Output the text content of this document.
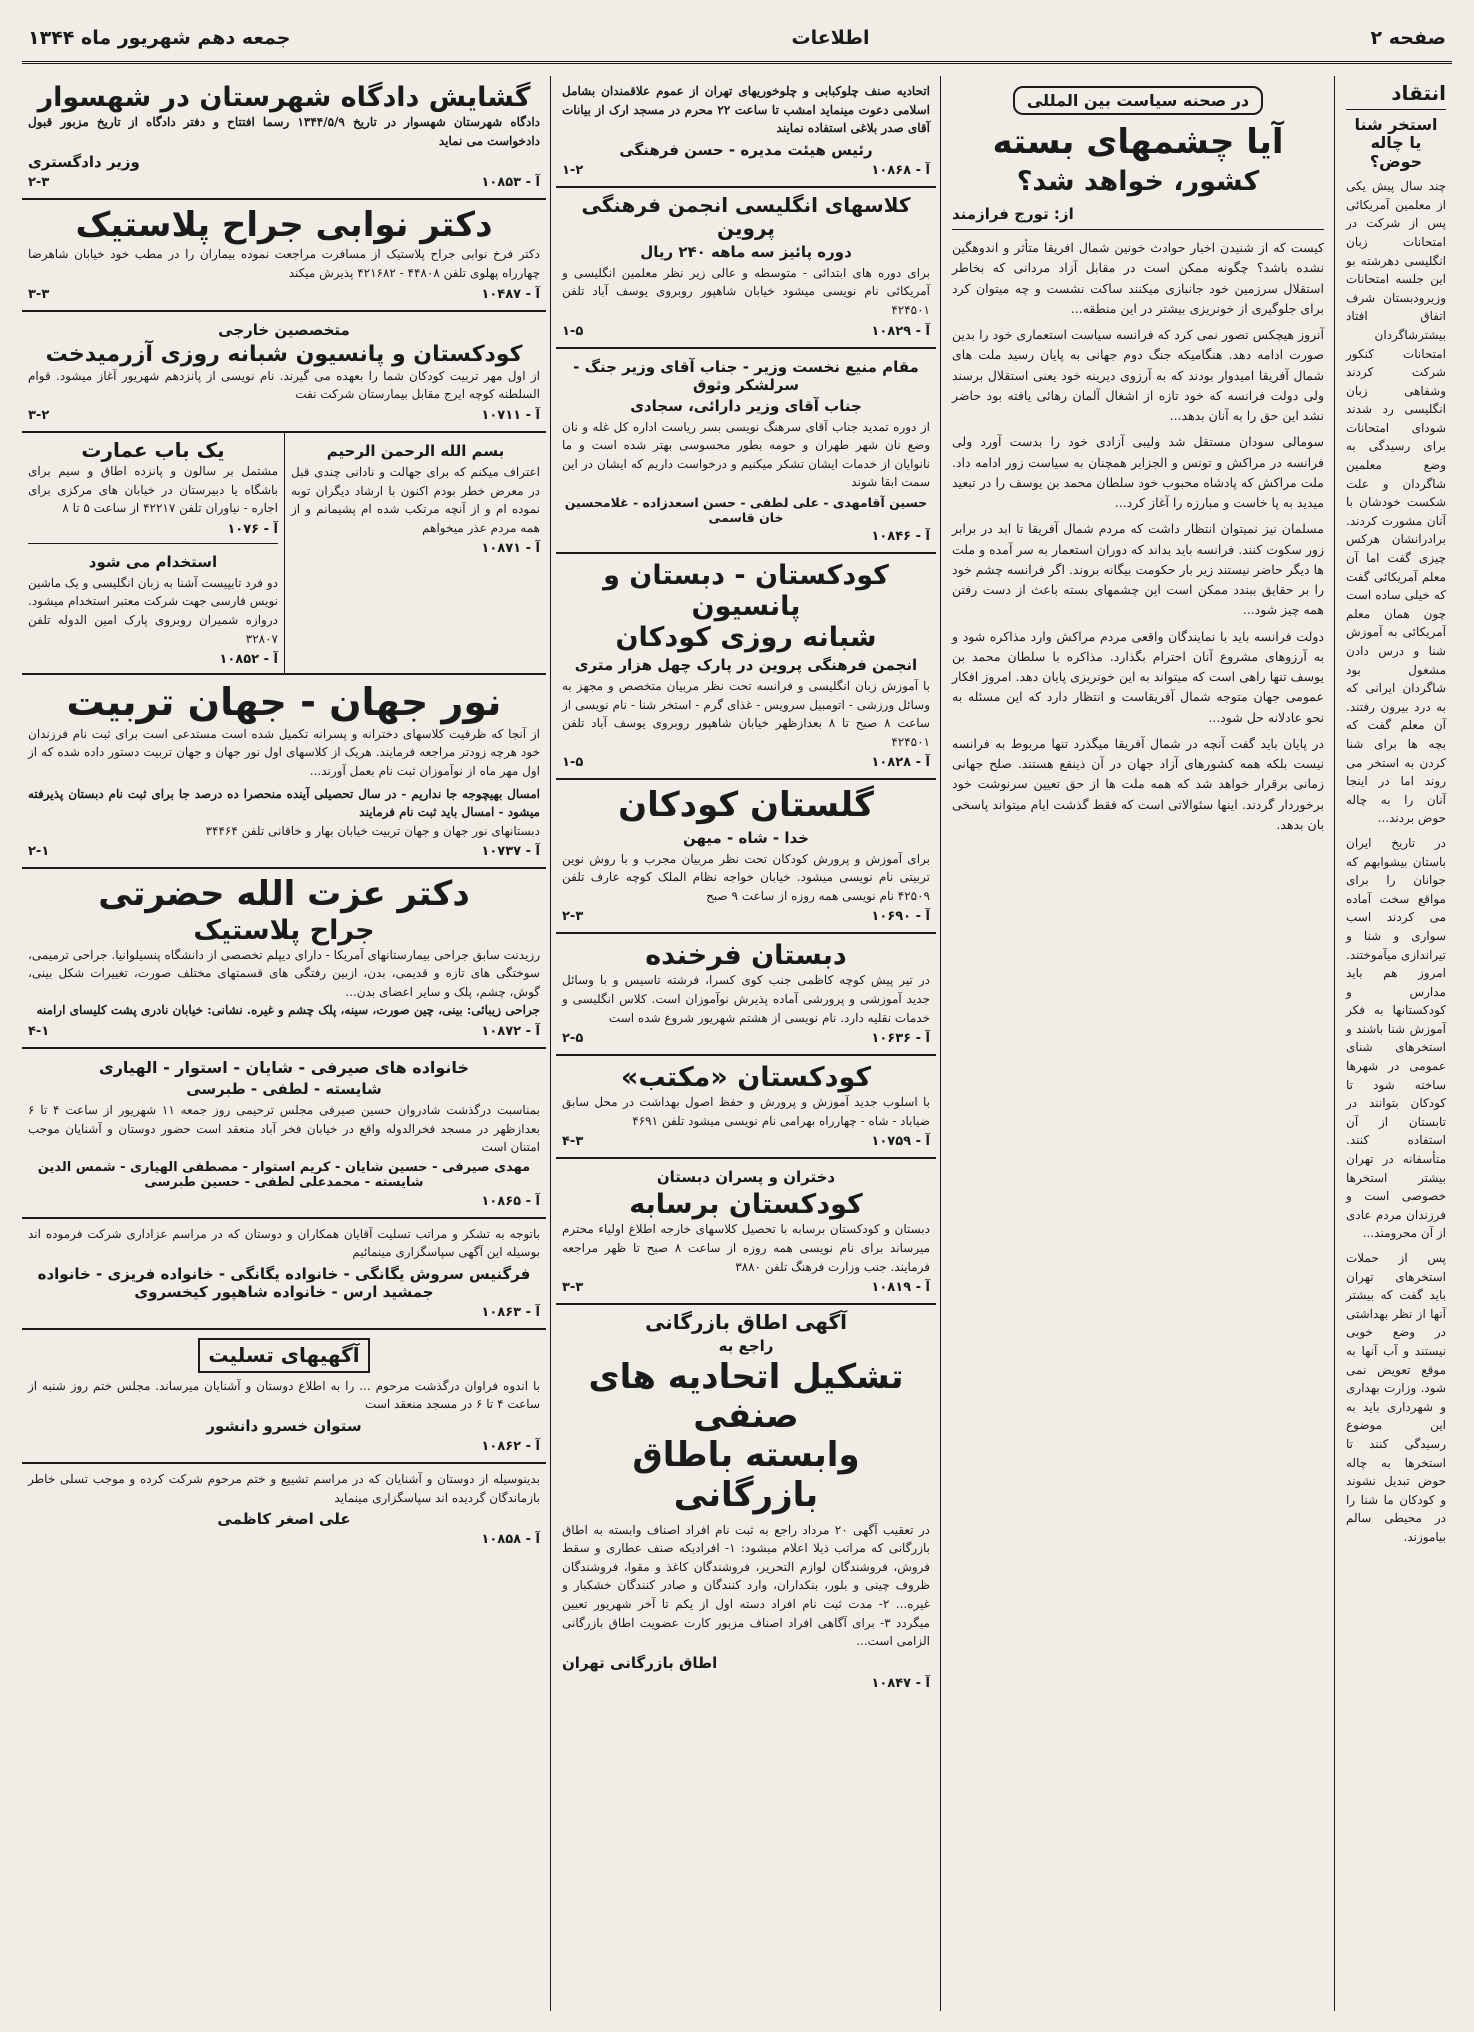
صفحه ۲
اطلاعات
جمعه دهم شهریور ماه ۱۳۴۴
انتقاد
استخر شنا یا چاله حوض؟
چند سال پیش یکی از معلمین آمریکائی پس از شرکت در امتحانات زبان انگلیسی دهرشته بو این جلسه امتحانات وزیرودبستان شرف اتفاق افتاد بیشترشاگردان امتحانات کنکور شرکت کردند وشفاهی زبان انگلیسی رد شدند شودای امتحانات برای رسیدگی به وضع معلمین شاگردان و علت شکست خودشان با آنان مشورت کردند. برادرانشان هرکس چیزی گفت اما آن معلم آمریکائی گفت که خیلی ساده است چون همان معلم آمریکائی به آموزش شنا و درس دادن مشغول بود شاگردان ایرانی که به درد بیرون رفتند. آن معلم گفت که بچه ها برای شنا کردن به استخر می روند اما در اینجا آنان را به چاله حوض بردند...
در تاریخ ایران باستان بیشوابهم که جوانان را برای مواقع سخت آماده می کردند اسب سواری و شنا و تیراندازی میآموختند. امروز هم باید مدارس و کودکستانها به فکر آموزش شنا باشند و استخرهای شنای عمومی در شهرها ساخته شود تا کودکان بتوانند در تابستان از آن استفاده کنند. متأسفانه در تهران بیشتر استخرها خصوصی است و فرزندان مردم عادی از آن محرومند...
پس از حملات استخرهای تهران باید گفت که بیشتر آنها از نظر بهداشتی در وضع خوبی نیستند و آب آنها به موقع تعویض نمی شود. وزارت بهداری و شهرداری باید به این موضوع رسیدگی کنند تا استخرها به چاله حوض تبدیل نشوند و کودکان ما شنا را در محیطی سالم بیاموزند.
در صحنه سیاست بین المللی
آیا چشمهای بسته
کشور، خواهد شد؟
از: تورج فرازمند
کیست که از شنیدن اخبار حوادث خونین شمال افریقا متأثر و اندوهگین نشده باشد؟ چگونه ممکن است در مقابل آزاد مردانی که بخاطر استقلال سرزمین خود جانبازی میکنند ساکت نشست و چه میتوان کرد برای جلوگیری از خونریزی بیشتر در این منطقه...
آنروز هیچکس تصور نمی کرد که فرانسه سیاست استعماری خود را بدین صورت ادامه دهد. هنگامیکه جنگ دوم جهانی به پایان رسید ملت های شمال آفریقا امیدوار بودند که به آرزوی دیرینه خود یعنی استقلال برسند ولی دولت فرانسه که خود تازه از اشغال آلمان رهائی یافته بود حاضر نشد این حق را به آنان بدهد...
سومالی سودان مستقل شد ولیبی آزادی خود را بدست آورد ولی فرانسه در مراکش و تونس و الجزایر همچنان به سیاست زور ادامه داد. ملت مراکش که پادشاه محبوب خود سلطان محمد بن یوسف را در تبعید میدید به پا خاست و مبارزه را آغاز کرد...
مسلمان نیز نمیتوان انتظار داشت که مردم شمال آفریقا تا ابد در برابر زور سکوت کنند. فرانسه باید بداند که دوران استعمار به سر آمده و ملت ها دیگر حاضر نیستند زیر بار حکومت بیگانه بروند. اگر فرانسه چشم خود را بر حقایق ببندد ممکن است این چشمهای بسته باعث از دست رفتن همه چیز شود...
دولت فرانسه باید با نمایندگان واقعی مردم مراکش وارد مذاکره شود و به آرزوهای مشروع آنان احترام بگذارد. مذاکره با سلطان محمد بن یوسف تنها راهی است که میتواند به این خونریزی پایان دهد. امروز افکار عمومی جهان متوجه شمال آفریقاست و انتظار دارد که این مسئله به نحو عادلانه حل شود...
در پایان باید گفت آنچه در شمال آفریقا میگذرد تنها مربوط به فرانسه نیست بلکه همه کشورهای آزاد جهان در آن ذینفع هستند. صلح جهانی زمانی برقرار خواهد شد که همه ملت ها از حق تعیین سرنوشت خود برخوردار گردند. اینها سئوالاتی است که فقط گذشت ایام میتواند پاسخی بان بدهد.
اتحادیه صنف چلوکبابی و چلوخوریهای تهران از عموم علاقمندان بشامل اسلامی دعوت مینماید امشب تا ساعت ۲۲ محرم در مسجد ارک از بیانات آقای صدر بلاغی استفاده نمایند
رئیس هیئت مدیره - حسن فرهنگی
آ - ۱۰۸۶۸
۱-۲
کلاسهای انگلیسی انجمن فرهنگی پروین
دوره پائیز سه ماهه ۲۴۰ ریال
برای دوره های ابتدائی - متوسطه و عالی زیر نظر معلمین انگلیسی و آمریکائی نام نویسی میشود خیابان شاهپور روبروی یوسف آباد تلفن ۴۲۴۵۰۱
آ - ۱۰۸۲۹
۱-۵
مقام منیع نخست وزیر - جناب آقای وزیر جنگ - سرلشکر وثوق
جناب آقای وزیر دارائی، سجادی
از دوره تمدید جناب آقای سرهنگ نویسی بسر ریاست اداره کل غله و نان وضع نان شهر طهران و حومه بطور محسوسی بهتر شده است و ما نانوایان از خدمات ایشان تشکر میکنیم و درخواست داریم که ایشان در این سمت ابقا شوند
حسین آقامهدی - علی لطفی - حسن اسعدزاده - غلامحسین خان قاسمی
آ - ۱۰۸۴۶
کودکستان - دبستان و پانسیون
شبانه روزی کودکان
انجمن فرهنگی پروین در پارک چهل هزار متری
با آموزش زبان انگلیسی و فرانسه تحت نظر مربیان متخصص و مجهز به وسائل ورزشی - اتومبیل سرویس - غذای گرم - استخر شنا - نام نویسی از ساعت ۸ صبح تا ۸ بعدازظهر خیابان شاهپور روبروی یوسف آباد تلفن ۴۲۴۵۰۱
آ - ۱۰۸۲۸
۱-۵
گلستان کودکان
خدا - شاه - میهن
برای آموزش و پرورش کودکان تحت نظر مربیان مجرب و با روش نوین تربیتی نام نویسی میشود. خیابان خواجه نظام الملک کوچه عارف تلفن ۴۲۵۰۹ نام نویسی همه روزه از ساعت ۹ صبح
آ - ۱۰۶۹۰
۲-۳
دبستان فرخنده
در تیر پیش کوچه کاظمی جنب کوی کسرا، فرشته تاسیس و با وسائل جدید آموزشی و پرورشی آماده پذیرش نوآموزان است. کلاس انگلیسی و خدمات نقلیه دارد. نام نویسی از هشتم شهریور شروع شده است
آ - ۱۰۶۳۶
۲-۵
کودکستان «مکتب»
با اسلوب جدید آموزش و پرورش و حفظ اصول بهداشت در محل سابق ضیاباد - شاه - چهارراه بهرامی نام نویسی میشود تلفن ۴۶۹۱
آ - ۱۰۷۵۹
۴-۳
دختران و پسران دبستان
کودکستان برسابه
دبستان و کودکستان برسابه با تحصیل کلاسهای خارجه اطلاع اولیاء محترم میرساند برای نام نویسی همه روزه از ساعت ۸ صبح تا ظهر مراجعه فرمایند. جنب وزارت فرهنگ تلفن ۳۸۸۰
آ - ۱۰۸۱۹
۳-۳
آگهی اطاق بازرگانی
راجع به
تشکیل اتحادیه های صنفی
وابسته باطاق بازرگانی
در تعقیب آگهی ۲۰ مرداد راجع به ثبت نام افراد اصناف وابسته به اطاق بازرگانی که مراتب ذیلا اعلام میشود: ۱- افرادیکه صنف عطاری و سقط فروش، فروشندگان لوازم التحریر، فروشندگان کاغذ و مقوا، فروشندگان ظروف چینی و بلور، بنکداران، وارد کنندگان و صادر کنندگان خشکبار و غیره... ۲- مدت ثبت نام افراد دسته اول از یکم تا آخر شهریور تعیین میگردد ۳- برای آگاهی افراد اصناف مزبور کارت عضویت اطاق بازرگانی الزامی است...
اطاق بازرگانی تهران
آ - ۱۰۸۴۷
گشایش دادگاه شهرستان در شهسوار
دادگاه شهرستان شهسوار در تاریخ ۱۳۴۴/۵/۹ رسما افتتاح و دفتر دادگاه از تاریخ مزبور قبول دادخواست می نماید
وزیر دادگستری
آ - ۱۰۸۵۳
۲-۳
دکتر نوابی جراح پلاستیک
دکتر فرخ نوابی جراح پلاستیک از مسافرت مراجعت نموده بیماران را در مطب خود خیابان شاهرضا چهارراه پهلوی تلفن ۴۴۸۰۸ - ۴۲۱۶۸۲ پذیرش میکند
آ - ۱۰۴۸۷
۳-۳
متخصصین خارجی
کودکستان و پانسیون شبانه روزی آزرمیدخت
از اول مهر تربیت کودکان شما را بعهده می گیرند. نام نویسی از پانزدهم شهریور آغاز میشود. قوام السلطنه کوچه ایرج مقابل بیمارستان شرکت نفت
آ - ۱۰۷۱۱
۳-۲
بسم الله الرحمن الرحیم
اعتراف میکنم که برای جهالت و نادانی چندی قبل در معرض خطر بودم اکنون با ارشاد دیگران توبه نموده ام و از آنچه مرتکب شده ام پشیمانم و از همه مردم عذر میخواهم
آ - ۱۰۸۷۱
یک باب عمارت
مشتمل بر سالون و پانزده اطاق و سیم برای باشگاه یا دبیرستان در خیابان های مرکزی برای اجاره - نیاوران تلفن ۴۲۲۱۷ از ساعت ۵ تا ۸
آ - ۱۰۷۶
استخدام می شود
دو فرد تایپیست آشنا به زبان انگلیسی و یک ماشین نویس فارسی جهت شرکت معتبر استخدام میشود. دروازه شمیران روبروی پارک امین الدوله تلفن ۳۲۸۰۷
آ - ۱۰۸۵۲
نور جهان - جهان تربیت
از آنجا که ظرفیت کلاسهای دخترانه و پسرانه تکمیل شده است مستدعی است برای ثبت نام فرزندان خود هرچه زودتر مراجعه فرمایند. هریک از کلاسهای اول نور جهان و جهان تربیت دستور داده شده که از اول مهر ماه از نوآموزان ثبت نام بعمل آورند...
امسال بهیچوجه جا نداریم - در سال تحصیلی آینده منحصرا ده درصد جا برای ثبت نام دبستان پذیرفته میشود - امسال باید ثبت نام فرمایند
دبستانهای نور جهان و جهان تربیت خیابان بهار و خاقانی تلفن ۳۴۴۶۴
آ - ۱۰۷۳۷
۲-۱
دکتر عزت الله حضرتی
جراح پلاستیک
رزیدنت سابق جراحی بیمارستانهای آمریکا - دارای دیپلم تخصصی از دانشگاه پنسیلوانیا. جراحی ترمیمی، سوختگی های تازه و قدیمی، بدن، ازبین رفتگی های قسمتهای مختلف صورت، تغییرات شکل بینی، گوش، چشم، پلک و سایر اعضای بدن...
جراحی زیبائی: بینی، چین صورت، سینه، پلک چشم و غیره. نشانی: خیابان نادری پشت کلیسای ارامنه
آ - ۱۰۸۷۲
۴-۱
خانواده های صیرفی - شایان - استوار - الهیاری
شایسته - لطفی - طبرسی
بمناسبت درگذشت شادروان حسین صیرفی مجلس ترحیمی روز جمعه ۱۱ شهریور از ساعت ۴ تا ۶ بعدازظهر در مسجد فخرالدوله واقع در خیابان فخر آباد منعقد است حضور دوستان و آشنایان موجب امتنان است
مهدی صیرفی - حسین شایان - کریم استوار - مصطفی الهیاری - شمس الدین شایسته - محمدعلی لطفی - حسین طبرسی
آ - ۱۰۸۶۵
باتوجه به تشکر و مراتب تسلیت آقایان همکاران و دوستان که در مراسم عزاداری شرکت فرموده اند بوسیله این آگهی سپاسگزاری مینمائیم
فرگنیس سروش یگانگی - خانواده یگانگی - خانواده فریزی - خانواده جمشید ارس - خانواده شاهپور کیخسروی
آ - ۱۰۸۶۳
آگهیهای تسلیت
با اندوه فراوان درگذشت مرحوم ... را به اطلاع دوستان و آشنایان میرساند. مجلس ختم روز شنبه از ساعت ۴ تا ۶ در مسجد منعقد است
ستوان خسرو دانشور
آ - ۱۰۸۶۲
بدینوسیله از دوستان و آشنایان که در مراسم تشییع و ختم مرحوم شرکت کرده و موجب تسلی خاطر بازماندگان گردیده اند سپاسگزاری مینماید
علی اصغر کاظمی
آ - ۱۰۸۵۸
